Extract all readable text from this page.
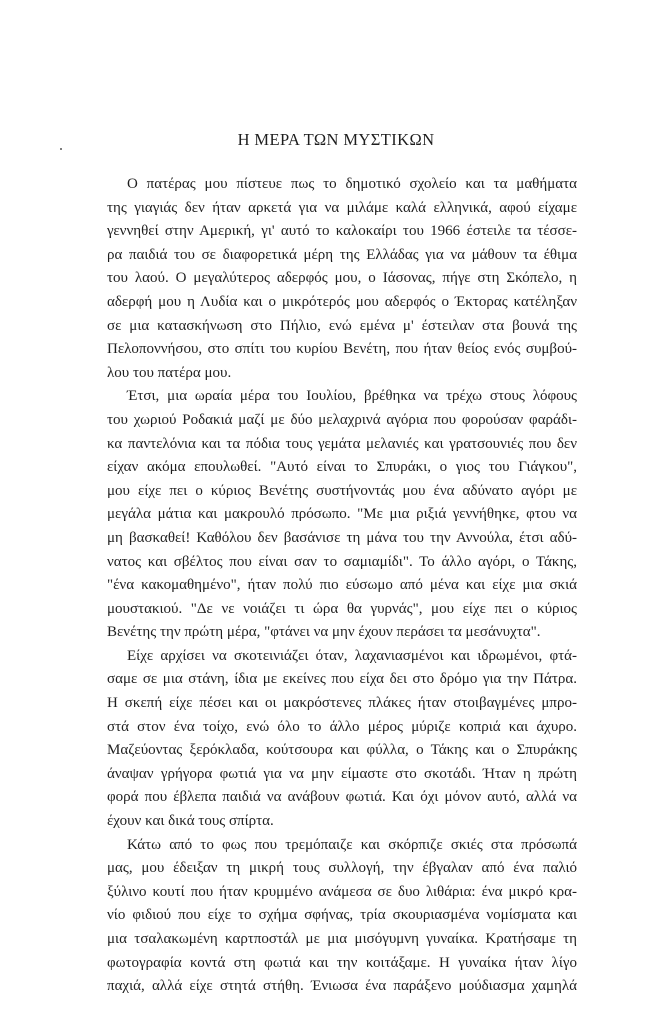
Η ΜΕΡΑ ΤΩΝ ΜΥΣΤΙΚΩΝ
Ο πατέρας μου πίστευε πως το δημοτικό σχολείο και τα μαθήματα
της γιαγιάς δεν ήταν αρκετά για να μιλάμε καλά ελληνικά, αφού είχαμε
γεννηθεί στην Αμερική, γι' αυτό το καλοκαίρι του 1966 έστειλε τα τέσσε-
ρα παιδιά του σε διαφορετικά μέρη της Ελλάδας για να μάθουν τα έθιμα
του λαού. Ο μεγαλύτερος αδερφός μου, ο Ιάσονας, πήγε στη Σκόπελο, η
αδερφή μου η Λυδία και ο μικρότερός μου αδερφός ο Έκτορας κατέληξαν
σε μια κατασκήνωση στο Πήλιο, ενώ εμένα μ' έστειλαν στα βουνά της
Πελοποννήσου, στο σπίτι του κυρίου Βενέτη, που ήταν θείος ενός συμβού-
λου του πατέρα μου.
Έτσι, μια ωραία μέρα του Ιουλίου, βρέθηκα να τρέχω στους λόφους
του χωριού Ροδακιά μαζί με δύο μελαχρινά αγόρια που φορούσαν φαράδι-
κα παντελόνια και τα πόδια τους γεμάτα μελανιές και γρατσουνιές που δεν
είχαν ακόμα επουλωθεί. "Αυτό είναι το Σπυράκι, ο γιος του Γιάγκου",
μου είχε πει ο κύριος Βενέτης συστήνοντάς μου ένα αδύνατο αγόρι με
μεγάλα μάτια και μακρουλό πρόσωπο. "Με μια ριξιά γεννήθηκε, φτου να
μη βασκαθεί! Καθόλου δεν βασάνισε τη μάνα του την Αννούλα, έτσι αδύ-
νατος και σβέλτος που είναι σαν το σαμιαμίδι". Το άλλο αγόρι, ο Τάκης,
"ένα κακομαθημένο", ήταν πολύ πιο εύσωμο από μένα και είχε μια σκιά
μουστακιού. "Δε νε νοιάζει τι ώρα θα γυρνάς", μου είχε πει ο κύριος
Βενέτης την πρώτη μέρα, "φτάνει να μην έχουν περάσει τα μεσάνυχτα".
Είχε αρχίσει να σκοτεινιάζει όταν, λαχανιασμένοι και ιδρωμένοι, φτά-
σαμε σε μια στάνη, ίδια με εκείνες που είχα δει στο δρόμο για την Πάτρα.
Η σκεπή είχε πέσει και οι μακρόστενες πλάκες ήταν στοιβαγμένες μπρο-
στά στον ένα τοίχο, ενώ όλο το άλλο μέρος μύριζε κοπριά και άχυρο.
Μαζεύοντας ξερόκλαδα, κούτσουρα και φύλλα, ο Τάκης και ο Σπυράκης
άναψαν γρήγορα φωτιά για να μην είμαστε στο σκοτάδι. Ήταν η πρώτη
φορά που έβλεπα παιδιά να ανάβουν φωτιά. Και όχι μόνον αυτό, αλλά να
έχουν και δικά τους σπίρτα.
Κάτω από το φως που τρεμόπαιζε και σκόρπιζε σκιές στα πρόσωπά
μας, μου έδειξαν τη μικρή τους συλλογή, την έβγαλαν από ένα παλιό
ξύλινο κουτί που ήταν κρυμμένο ανάμεσα σε δυο λιθάρια: ένα μικρό κρα-
νίο φιδιού που είχε το σχήμα σφήνας, τρία σκουριασμένα νομίσματα και
μια τσαλακωμένη καρτποστάλ με μια μισόγυμνη γυναίκα. Κρατήσαμε τη
φωτογραφία κοντά στη φωτιά και την κοιτάξαμε. Η γυναίκα ήταν λίγο
παχιά, αλλά είχε στητά στήθη. Ένιωσα ένα παράξενο μούδιασμα χαμηλά
